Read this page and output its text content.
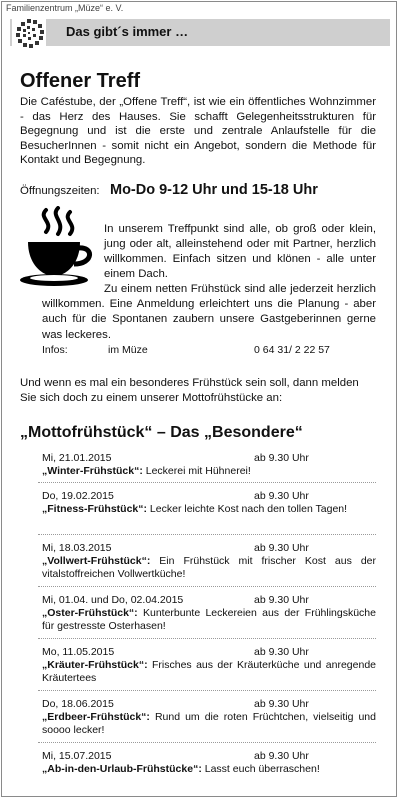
Familienzentrum „Müze“ e. V.
Das gibt´s immer …
Offener Treff
Die Caféstube, der „Offene Treff“, ist wie ein öffentliches Wohnzimmer - das Herz des Hauses. Sie schafft Gelegenheitsstrukturen für Begegnung und ist die erste und zentrale Anlaufstelle für die BesucherInnen - somit nicht ein Angebot, sondern die Methode für Kontakt und Begegnung.
Öffnungszeiten: Mo-Do 9-12 Uhr und 15-18 Uhr
In unserem Treffpunkt sind alle, ob groß oder klein, jung oder alt, alleinstehend oder mit Partner, herzlich willkommen. Einfach sitzen und klönen - alle unter einem Dach.
Zu einem netten Frühstück sind alle jederzeit herzlich willkommen. Eine Anmeldung erleichtert uns die Planung - aber auch für die Spontanen zaubern unsere Gastgeberinnen gerne was leckeres.
Infos:	im Müze	0 64 31/ 2 22 57
Und wenn es mal ein besonderes Frühstück sein soll, dann melden Sie sich doch zu einem unserer Mottofrühstücke an:
„Mottofrühstück“ – Das „Besondere“
Mi, 21.01.2015	ab 9.30 Uhr
„Winter-Frühstück“: Leckerei mit Hühnerei!
Do, 19.02.2015	ab 9.30 Uhr
„Fitness-Frühstück“: Lecker leichte Kost nach den tollen Tagen!
Mi, 18.03.2015	ab 9.30 Uhr
„Vollwert-Frühstück“: Ein Frühstück mit frischer Kost aus der vitalstoffreichen Vollwertküche!
Mi, 01.04. und Do, 02.04.2015	ab 9.30 Uhr
„Oster-Frühstück“: Kunterbunte Leckereien aus der Frühlingsküche für gestresste Osterhasen!
Mo, 11.05.2015	ab 9.30 Uhr
„Kräuter-Frühstück“: Frisches aus der Kräuterküche und anregende Kräutertees
Do, 18.06.2015	ab 9.30 Uhr
„Erdbeer-Frühstück“: Rund um die roten Früchtchen, vielseitig und soooo lecker!
Mi, 15.07.2015	ab 9.30 Uhr
„Ab-in-den-Urlaub-Frühstücke“: Lasst euch überraschen!
